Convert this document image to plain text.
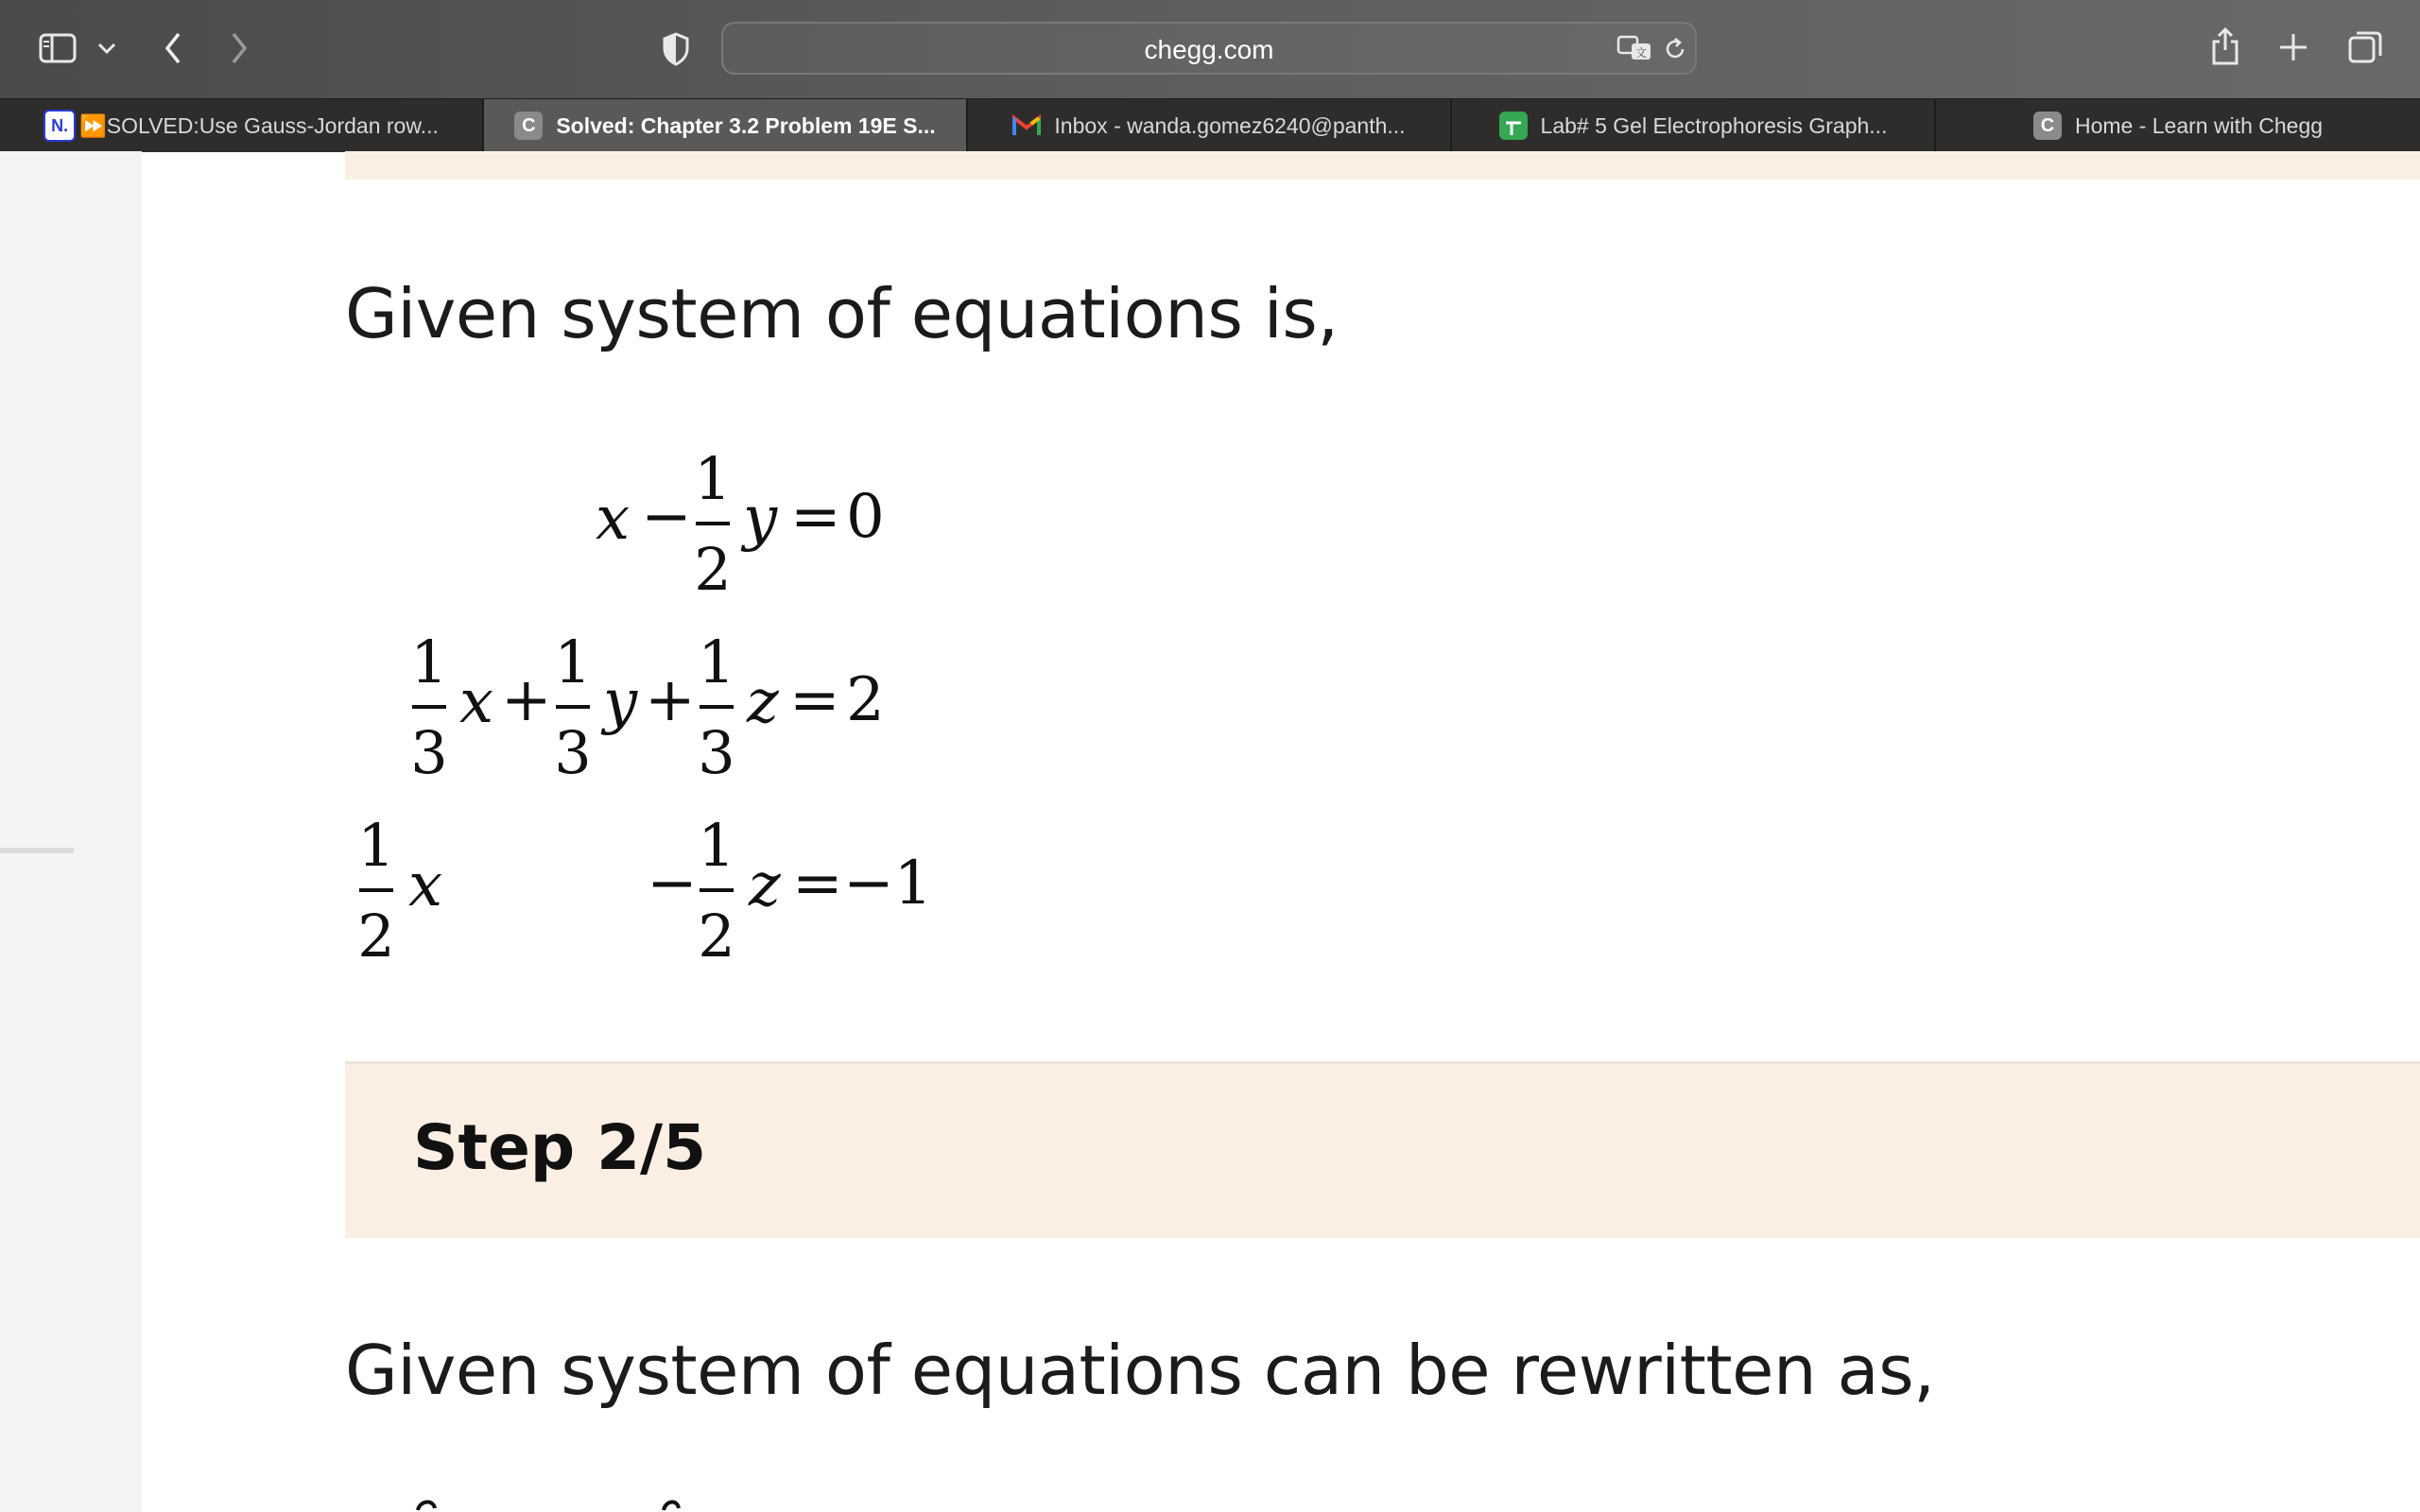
chegg.com	文
N. ⏩SOLVED:Use Gauss-Jordan row...	C Solved: Chapter 3.2 Problem 19E S...	Inbox - wanda.gomez6240@panth...	Lab# 5 Gel Electrophoresis Graph...	C Home - Learn with Chegg
Given system of equations is,
x −
1
2
y = 0
1
3
x +
1
3
y +
1
3
z = 2
1
2
x	−
1
2
z = −1
Step 2/5
Given system of equations can be rewritten as,
